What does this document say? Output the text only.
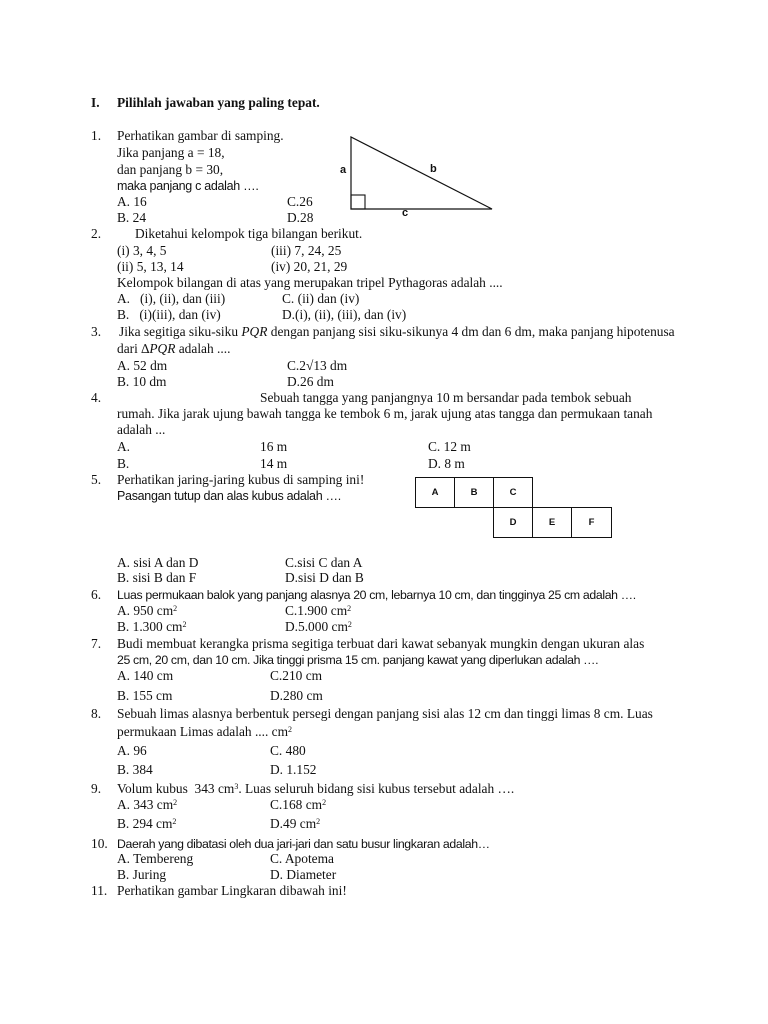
I. Pilihlah jawaban yang paling tepat.
1. Perhatikan gambar di samping.
Jika panjang a = 18,
dan panjang b = 30,
maka panjang c adalah ….
A. 16	C.26
B. 24	D.28
a	b
c
2.	Diketahui kelompok tiga bilangan berikut.
(i) 3, 4, 5	(iii) 7, 24, 25
(ii) 5, 13, 14	(iv) 20, 21, 29
Kelompok bilangan di atas yang merupakan tripel Pythagoras adalah ....
A.   (i), (ii), dan (iii)	C. (ii) dan (iv)
B.   (i)(iii), dan (iv)	D.(i), (ii), (iii), dan (iv)
3. Jika segitiga siku-siku PQR dengan panjang sisi siku-sikunya 4 dm dan 6 dm, maka panjang hipotenusa
dari ∆PQR adalah ....
A. 52 dm	C.2√13 dm
B. 10 dm	D.26 dm
4.	Sebuah tangga yang panjangnya 10 m bersandar pada tembok sebuah
rumah. Jika jarak ujung bawah tangga ke tembok 6 m, jarak ujung atas tangga dan permukaan tanah
adalah ...
A.	16 m	C. 12 m
B.	14 m	D. 8 m
5. Perhatikan jaring-jaring kubus di samping ini!
Pasangan tutup dan alas kubus adalah ….	A	B	C
D	E	F
A. sisi A dan D	C.sisi C dan A
B. sisi B dan F	D.sisi D dan B
6. Luas permukaan balok yang panjang alasnya 20 cm, lebarnya 10 cm, dan tingginya 25 cm adalah ….
A. 950 $cm^2$	C.1.900 $cm^2$
B. 1.300 $cm^2$	D.5.000 $cm^2$
7. Budi membuat kerangka prisma segitiga terbuat dari kawat sebanyak mungkin dengan ukuran alas
25 cm, 20 cm, dan 10 cm. Jika tinggi prisma 15 cm. panjang kawat yang diperlukan adalah ….
A. 140 cm	C.210 cm
B. 155 cm	D.280 cm
8. Sebuah limas alasnya berbentuk persegi dengan panjang sisi alas 12 cm dan tinggi limas 8 cm. Luas
permukaan Limas adalah .... $cm^2$
A. 96	C. 480
B. 384	D. 1.152
9. Volum kubus  343 $cm^3$. Luas seluruh bidang sisi kubus tersebut adalah ….
A. 343 $cm^2$	C.168 $cm^2$
B. 294 $cm^2$	D.49 $cm^2$
10. Daerah yang dibatasi oleh dua jari-jari dan satu busur lingkaran adalah…
A. Tembereng	C. Apotema
B. Juring	D. Diameter
11. Perhatikan gambar Lingkaran dibawah ini!
